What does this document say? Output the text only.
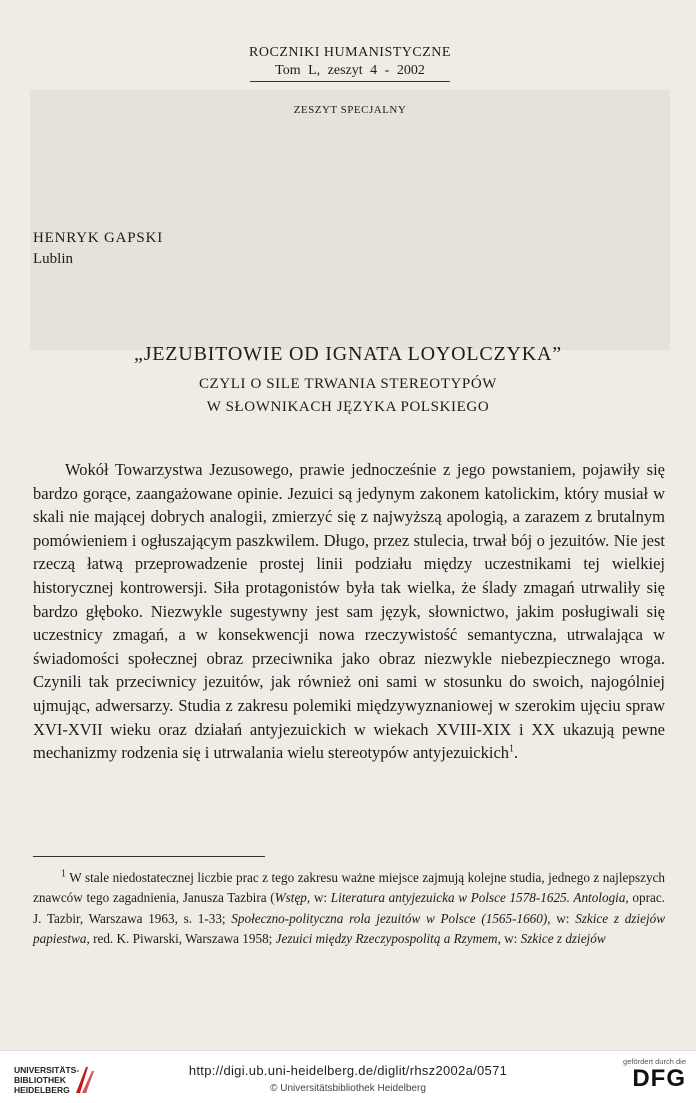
ROCZNIKI HUMANISTYCZNE
Tom L, zeszyt 4 - 2002
ZESZYT SPECJALNY
HENRYK GAPSKI
Lublin
„JEZUBITOWIE OD IGNATA LOYOLCZYKA”
CZYLI O SILE TRWANIA STEREOTYPÓW
W SŁOWNIKACH JĘZYKA POLSKIEGO

Wokół Towarzystwa Jezusowego, prawie jednocześnie z jego powstaniem, pojawiły się bardzo gorące, zaangażowane opinie. Jezuici są jedynym zakonem katolickim, który musiał w skali nie mającej dobrych analogii, zmierzyć się z najwyższą apologią, a zarazem z brutalnym pomówieniem i ogłuszającym paszkwilem. Długo, przez stulecia, trwał bój o jezuitów. Nie jest rzeczą łatwą przeprowadzenie prostej linii podziału między uczestnikami tej wielkiej historycznej kontrowersji. Siła protagonistów była tak wielka, że ślady zmagań utrwaliły się bardzo głęboko. Niezwykle sugestywny jest sam język, słownictwo, jakim posługiwali się uczestnicy zmagań, a w konsekwencji nowa rzeczywistość semantyczna, utrwalająca w świadomości społecznej obraz przeciwnika jako obraz niezwykle niebezpiecznego wroga. Czynili tak przeciwnicy jezuitów, jak również oni sami w stosunku do swoich, najogólniej ujmując, adwersarzy. Studia z zakresu polemiki międzywyznaniowej w szerokim ujęciu spraw XVI-XVII wieku oraz działań antyjezuickich w wiekach XVIII-XIX i XX ukazują pewne mechanizmy rodzenia się i utrwalania wielu stereotypów antyjezuickich$^1$.

$^1$ W stale niedostatecznej liczbie prac z tego zakresu ważne miejsce zajmują kolejne studia, jednego z najlepszych znawców tego zagadnienia, Janusza Tazbira (Wstęp, w: Literatura antyjezuicka w Polsce 1578-1625. Antologia, oprac. J. Tazbir, Warszawa 1963, s. 1-33; Społeczno-polityczna rola jezuitów w Polsce (1565-1660), w: Szkice z dziejów papiestwa, red. K. Piwarski, Warszawa 1958; Jezuici między Rzeczypospolitą a Rzymem, w: Szkice z dziejów

UNIVERSITÄTS-
BIBLIOTHEK
HEIDELBERG
http://digi.ub.uni-heidelberg.de/diglit/rhsz2002a/0571
© Universitätsbibliothek Heidelberg
gefördert durch die
DFG
